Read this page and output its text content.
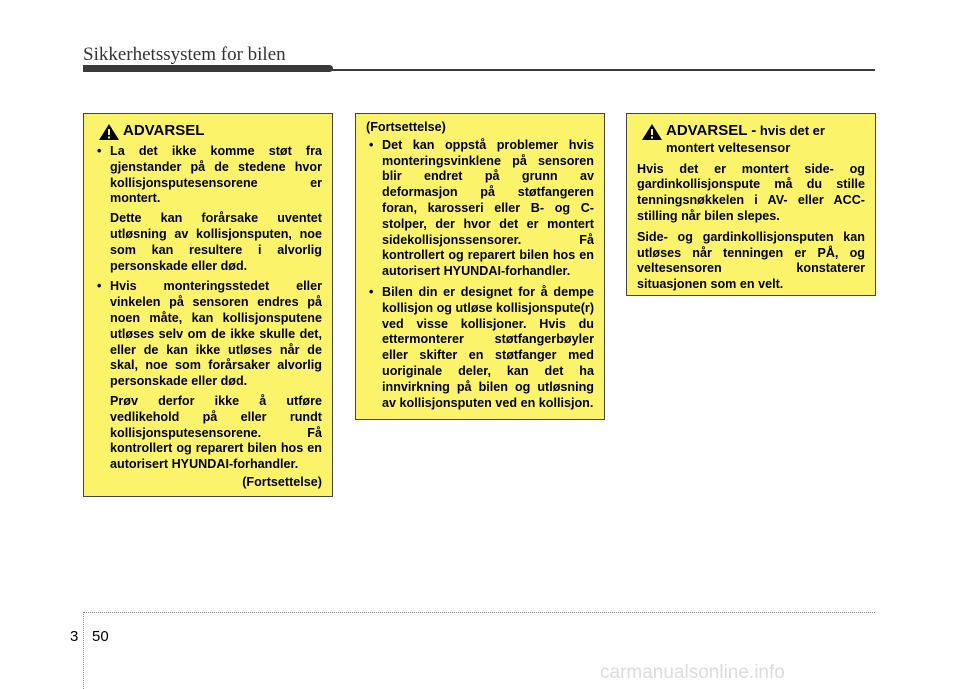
Sikkerhetssystem for bilen
ADVARSEL
• La det ikke komme støt fra gjenstander på de stedene hvor kollisjonsputesensorene er montert.
Dette kan forårsake uventet utløsning av kollisjonsputen, noe som kan resultere i alvorlig personskade eller død.
• Hvis monteringsstedet eller vinkelen på sensoren endres på noen måte, kan kollisjonsputene utløses selv om de ikke skulle det, eller de kan ikke utløses når de skal, noe som forårsaker alvorlig personskade eller død.
Prøv derfor ikke å utføre vedlikehold på eller rundt kollisjonsputesensorene. Få kontrollert og reparert bilen hos en autorisert HYUNDAI-forhandler.
(Fortsettelse)
(Fortsettelse)
• Det kan oppstå problemer hvis monteringsvinklene på sensoren blir endret på grunn av deformasjon på støtfangeren foran, karosseri eller B- og C-stolper, der hvor det er montert sidekollisjonssensorer. Få kontrollert og reparert bilen hos en autorisert HYUNDAI-forhandler.
• Bilen din er designet for å dempe kollisjon og utløse kollisjonspute(r) ved visse kollisjoner. Hvis du ettermonterer støtfangerbøyler eller skifter en støtfanger med uoriginale deler, kan det ha innvirkning på bilen og utløsning av kollisjonsputen ved en kollisjon.
ADVARSEL - hvis det er montert veltesensor
Hvis det er montert side- og gardinkollisjonspute må du stille tenningsnøkkelen i AV- eller ACC-stilling når bilen slepes.
Side- og gardinkollisjonsputen kan utløses når tenningen er PÅ, og veltesensoren konstaterer situasjonen som en velt.
3 50
carmanualsonline.info
